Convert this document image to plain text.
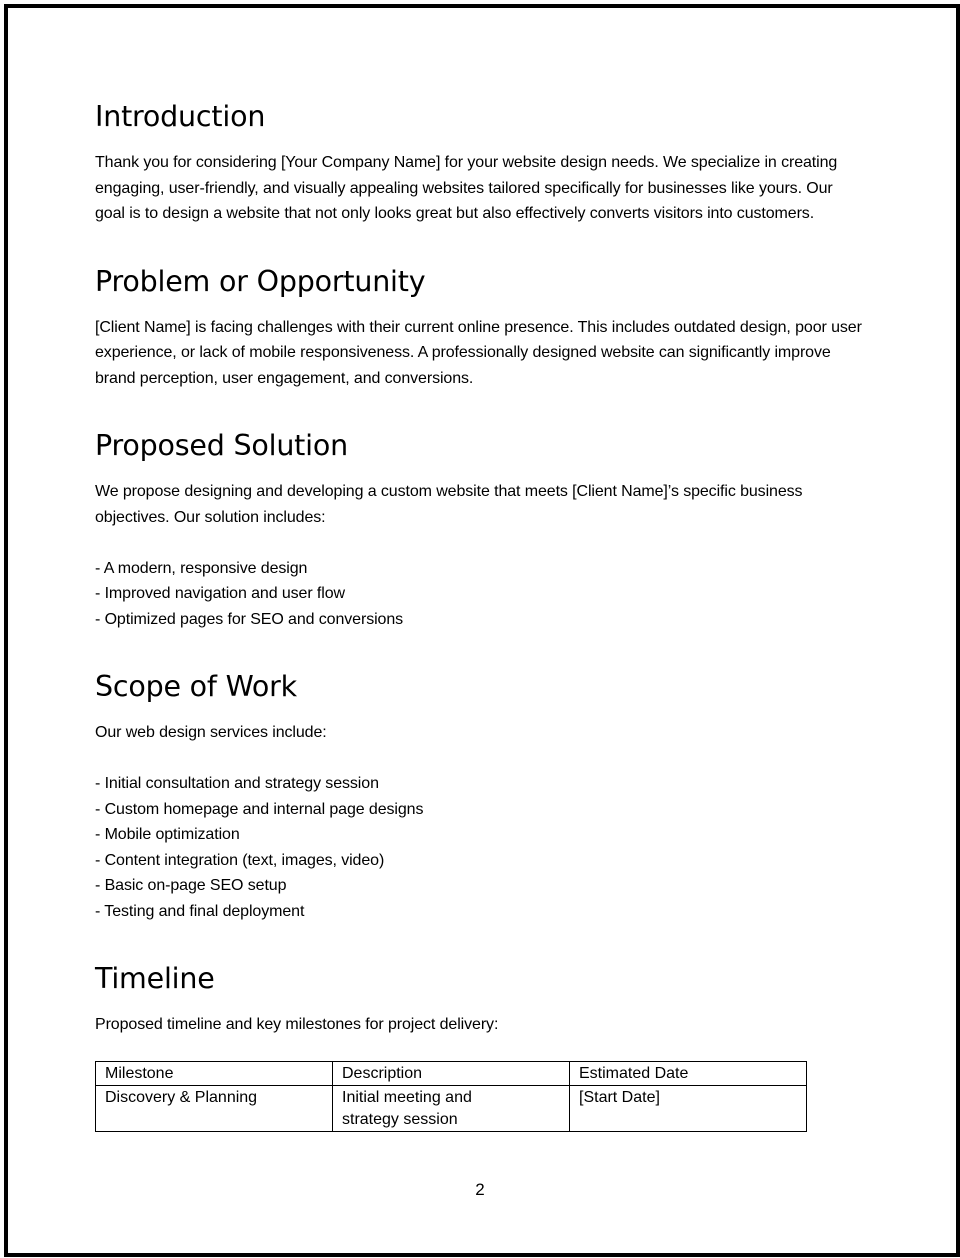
Introduction

Thank you for considering [Your Company Name] for your website design needs. We specialize in creating engaging, user-friendly, and visually appealing websites tailored specifically for businesses like yours. Our goal is to design a website that not only looks great but also effectively converts visitors into customers.

Problem or Opportunity

[Client Name] is facing challenges with their current online presence. This includes outdated design, poor user experience, or lack of mobile responsiveness. A professionally designed website can significantly improve brand perception, user engagement, and conversions.

Proposed Solution

We propose designing and developing a custom website that meets [Client Name]’s specific business objectives. Our solution includes:

- A modern, responsive design
- Improved navigation and user flow
- Optimized pages for SEO and conversions
Scope of Work

Our web design services include:

- Initial consultation and strategy session
- Custom homepage and internal page designs
- Mobile optimization
- Content integration (text, images, video)
- Basic on-page SEO setup
- Testing and final deployment
Timeline

Proposed timeline and key milestones for project delivery:

Milestone	Description	Estimated Date
Discovery & Planning	Initial meeting and strategy session	[Start Date]
2
